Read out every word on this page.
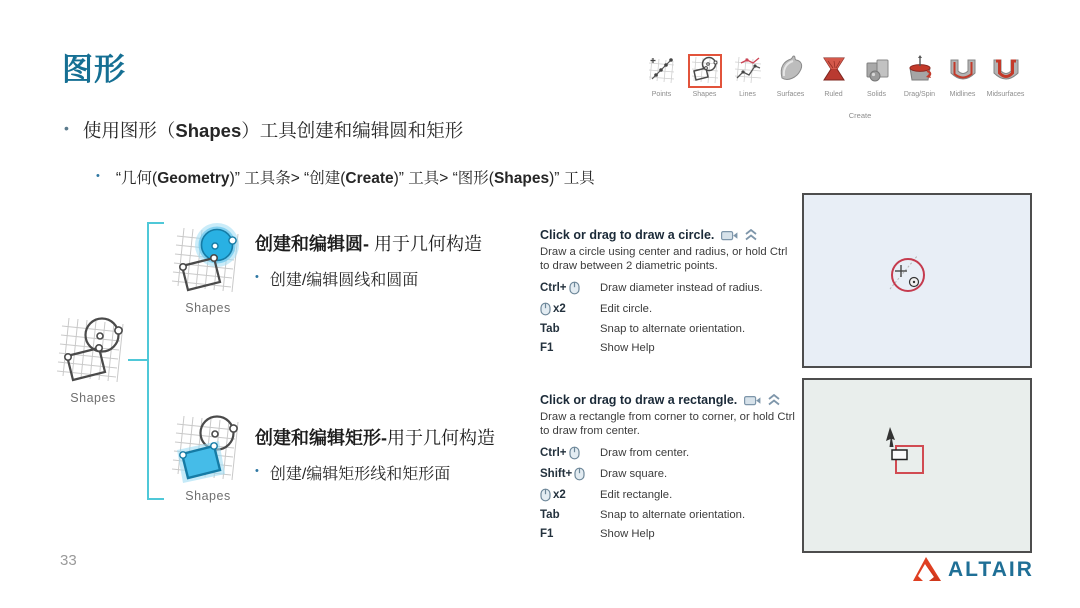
图形
Points	Shapes	Lines	Surfaces	Ruled	Solids	Drag/Spin Midlines Midsurfaces
Create
• 使用图形（Shapes）工具创建和编辑圆和矩形
• “几何(Geometry)” 工具条> “创建(Create)” 工具> “图形(Shapes)” 工具
Shapes
Shapes
创建和编辑圆- 用于几何构造
• 创建/编辑圆线和圆面
Shapes
创建和编辑矩形-用于几何构造
• 创建/编辑矩形线和矩形面
Click or drag to draw a circle.
Draw a circle using center and radius, or hold Ctrl to draw between 2 diametric points.
Ctrl+	Draw diameter instead of radius.
x2	Edit circle.
Tab	Snap to alternate orientation.
F1	Show Help
Click or drag to draw a rectangle.
Draw a rectangle from corner to corner, or hold Ctrl to draw from center.
Ctrl+	Draw from center.
Shift+ Draw square.
x2	Edit rectangle.
Tab	Snap to alternate orientation.
F1	Show Help
33	ALTAIR
